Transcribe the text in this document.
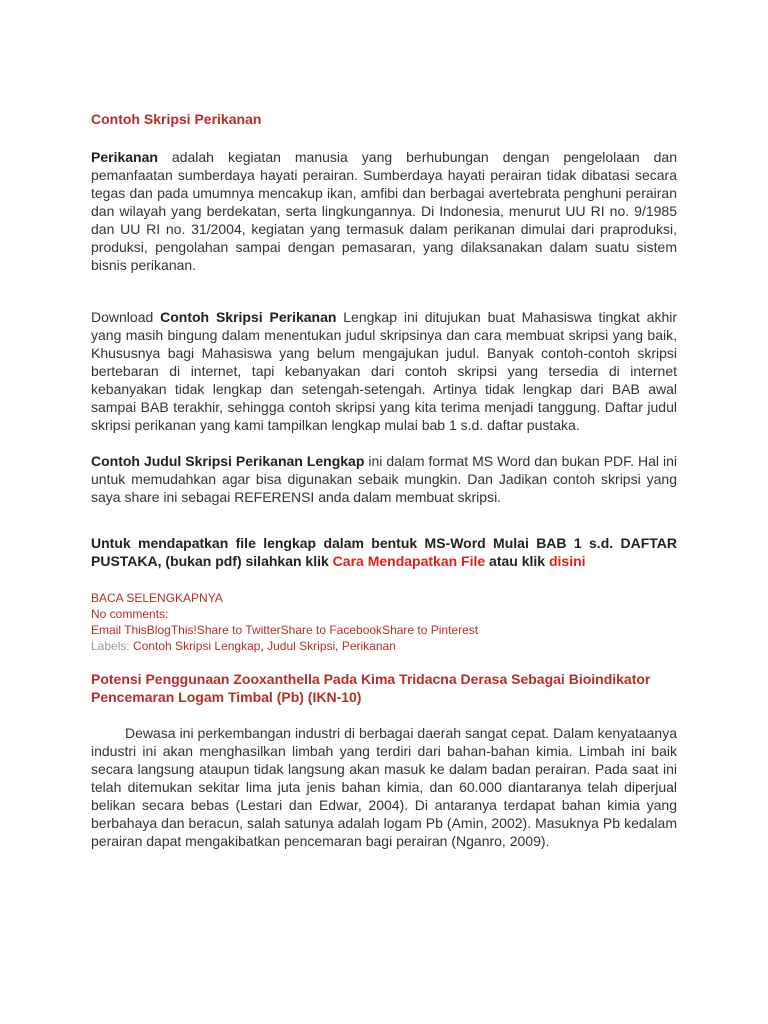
Contoh Skripsi Perikanan

Perikanan adalah kegiatan manusia yang berhubungan dengan pengelolaan dan pemanfaatan sumberdaya hayati perairan. Sumberdaya hayati perairan tidak dibatasi secara tegas dan pada umumnya mencakup ikan, amfibi dan berbagai avertebrata penghuni perairan dan wilayah yang berdekatan, serta lingkungannya. Di Indonesia, menurut UU RI no. 9/1985 dan UU RI no. 31/2004, kegiatan yang termasuk dalam perikanan dimulai dari praproduksi, produksi, pengolahan sampai dengan pemasaran, yang dilaksanakan dalam suatu sistem bisnis perikanan.

Download Contoh Skripsi Perikanan Lengkap ini ditujukan buat Mahasiswa tingkat akhir yang masih bingung dalam menentukan judul skripsinya dan cara membuat skripsi yang baik, Khususnya bagi Mahasiswa yang belum mengajukan judul. Banyak contoh-contoh skripsi bertebaran di internet, tapi kebanyakan dari contoh skripsi yang tersedia di internet kebanyakan tidak lengkap dan setengah-setengah. Artinya tidak lengkap dari BAB awal sampai BAB terakhir, sehingga contoh skripsi yang kita terima menjadi tanggung. Daftar judul skripsi perikanan yang kami tampilkan lengkap mulai bab 1 s.d. daftar pustaka.

Contoh Judul Skripsi Perikanan Lengkap ini dalam format MS Word dan bukan PDF. Hal ini untuk memudahkan agar bisa digunakan sebaik mungkin. Dan Jadikan contoh skripsi yang saya share ini sebagai REFERENSI anda dalam membuat skripsi.

Untuk mendapatkan file lengkap dalam bentuk MS-Word Mulai BAB 1 s.d. DAFTAR PUSTAKA, (bukan pdf) silahkan klik Cara Mendapatkan File atau klik disini

BACA SELENGKAPNYA

No comments:

Email ThisBlogThis!Share to TwitterShare to FacebookShare to Pinterest

Labels: Contoh Skripsi Lengkap, Judul Skripsi, Perikanan

Potensi Penggunaan Zooxanthella Pada Kima Tridacna Derasa Sebagai Bioindikator Pencemaran Logam Timbal (Pb) (IKN-10)

Dewasa ini perkembangan industri di berbagai daerah sangat cepat. Dalam kenyataanya industri ini akan menghasilkan limbah yang terdiri dari bahan-bahan kimia. Limbah ini baik secara langsung ataupun tidak langsung akan masuk ke dalam badan perairan. Pada saat ini telah ditemukan sekitar lima juta jenis bahan kimia, dan 60.000 diantaranya telah diperjual belikan secara bebas (Lestari dan Edwar, 2004). Di antaranya terdapat bahan kimia yang berbahaya dan beracun, salah satunya adalah logam Pb (Amin, 2002). Masuknya Pb kedalam perairan dapat mengakibatkan pencemaran bagi perairan (Nganro, 2009).
